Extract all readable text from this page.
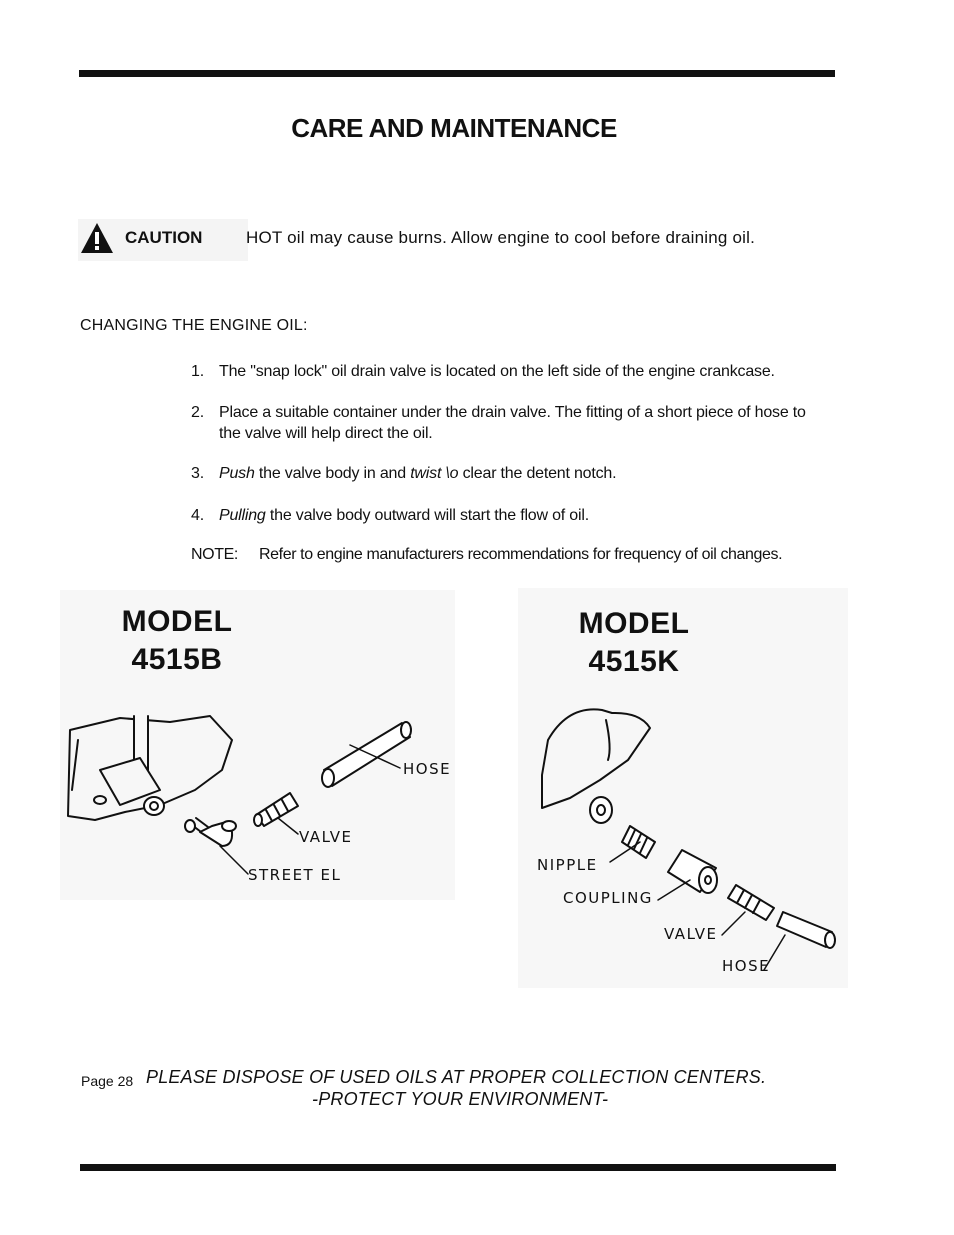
CARE AND MAINTENANCE
CAUTION	HOT oil may cause burns. Allow engine to cool before draining oil.
CHANGING THE ENGINE OIL:
1. The "snap lock" oil drain valve is located on the left side of the engine crankcase.
2. Place a suitable container under the drain valve. The fitting of a short piece of hose to the valve will help direct the oil.
3. Push the valve body in and twist \o clear the detent notch.
4. Pulling the valve body outward will start the flow of oil.
NOTE: Refer to engine manufacturers recommendations for frequency of oil changes.
MODEL
4515B
MODEL
4515K
HOSE
VALVE
STREET EL
NIPPLE
COUPLING
VALVE
HOSE
Page 28 PLEASE DISPOSE OF USED OILS AT PROPER COLLECTION CENTERS.
-PROTECT YOUR ENVIRONMENT-
